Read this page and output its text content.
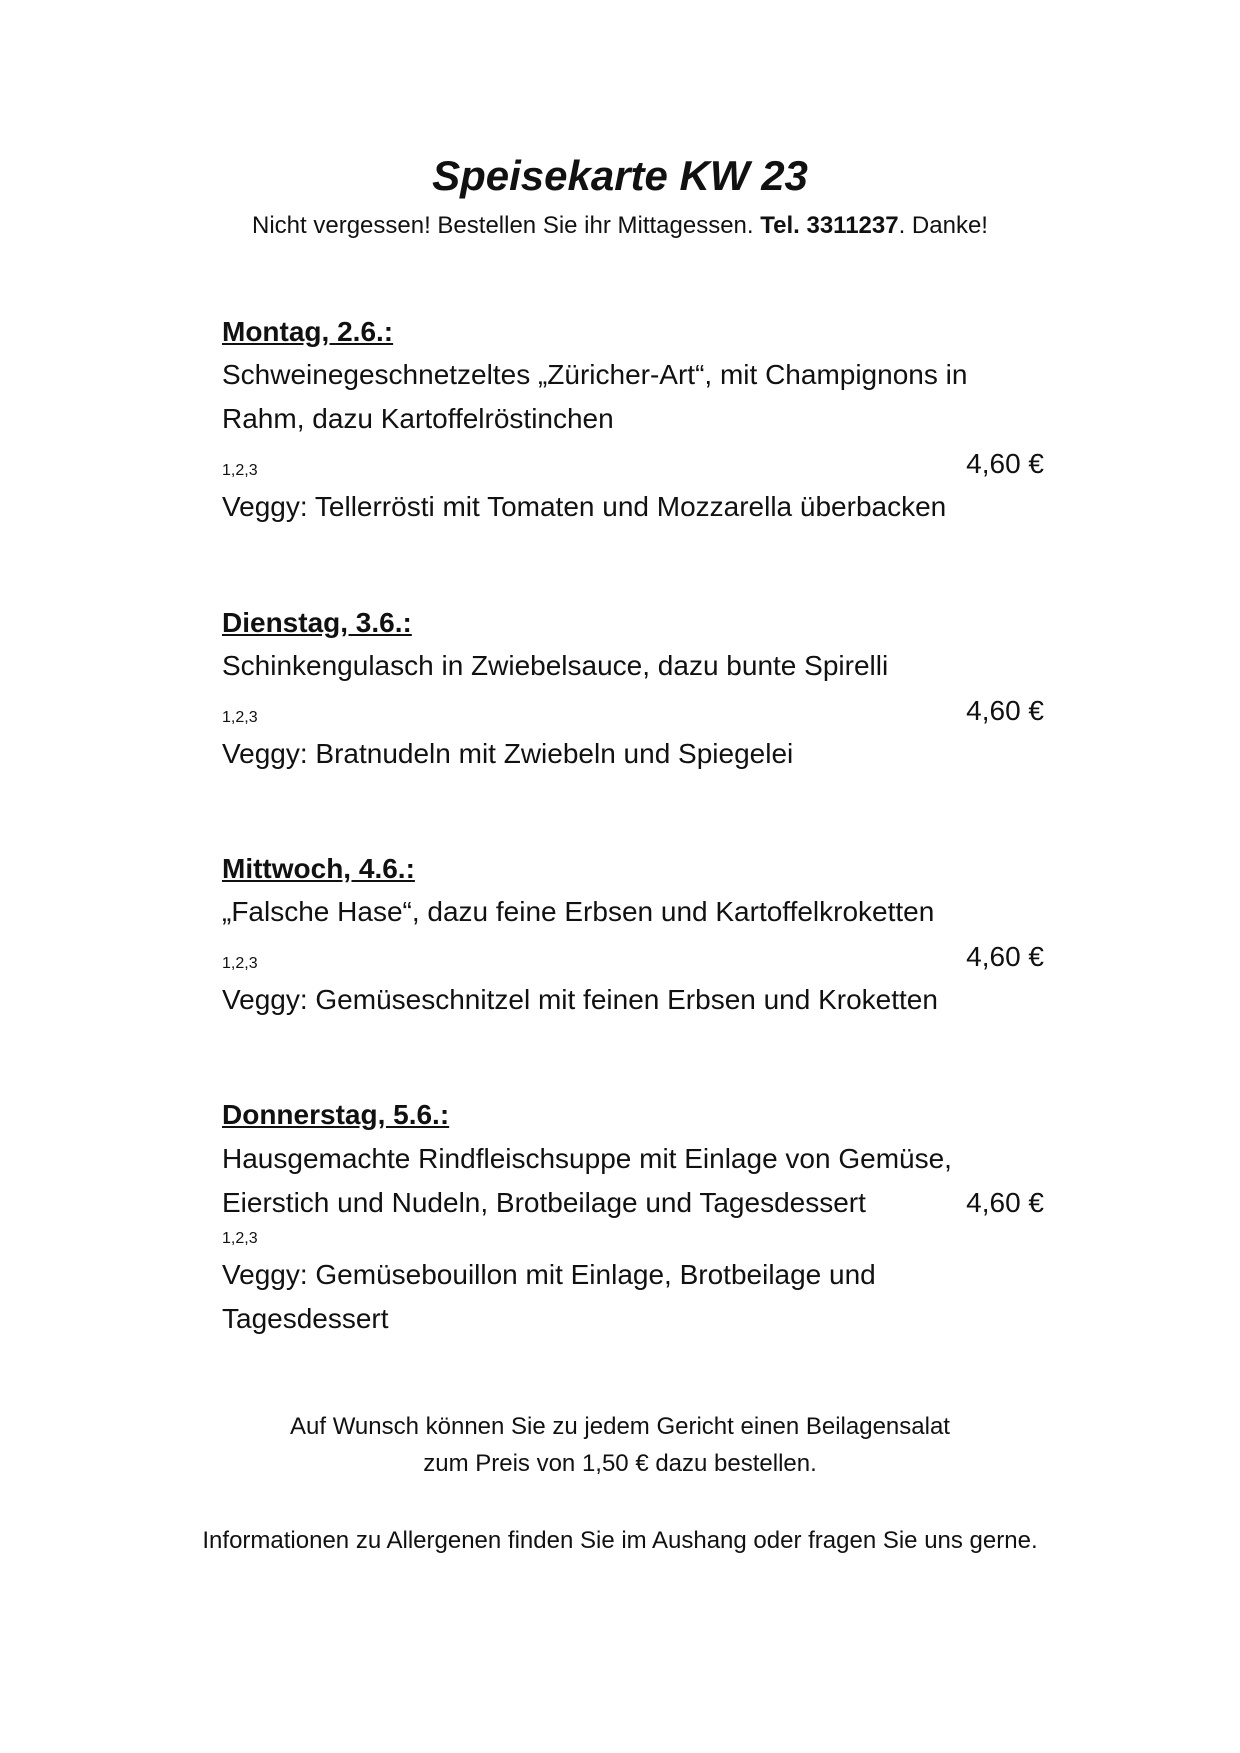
Speisekarte KW 23
Nicht vergessen! Bestellen Sie ihr Mittagessen. Tel. 3311237. Danke!
Montag, 2.6.:
Schweinegeschnetzeltes „Züricher-Art“, mit Champignons in
Rahm, dazu Kartoffelröstinchen
1,2,3	4,60 €
Veggy: Tellerrösti mit Tomaten und Mozzarella überbacken
Dienstag, 3.6.:
Schinkengulasch in Zwiebelsauce, dazu bunte Spirelli
1,2,3	4,60 €
Veggy: Bratnudeln mit Zwiebeln und Spiegelei
Mittwoch, 4.6.:
„Falsche Hase“, dazu feine Erbsen und Kartoffelkroketten
1,2,3	4,60 €
Veggy: Gemüseschnitzel mit feinen Erbsen und Kroketten
Donnerstag, 5.6.:
Hausgemachte Rindfleischsuppe mit Einlage von Gemüse,
Eierstich und Nudeln, Brotbeilage und Tagesdessert	4,60 €
1,2,3
Veggy: Gemüsebouillon mit Einlage, Brotbeilage und
Tagesdessert
Auf Wunsch können Sie zu jedem Gericht einen Beilagensalat
zum Preis von 1,50 € dazu bestellen.
Informationen zu Allergenen finden Sie im Aushang oder fragen Sie uns gerne.
